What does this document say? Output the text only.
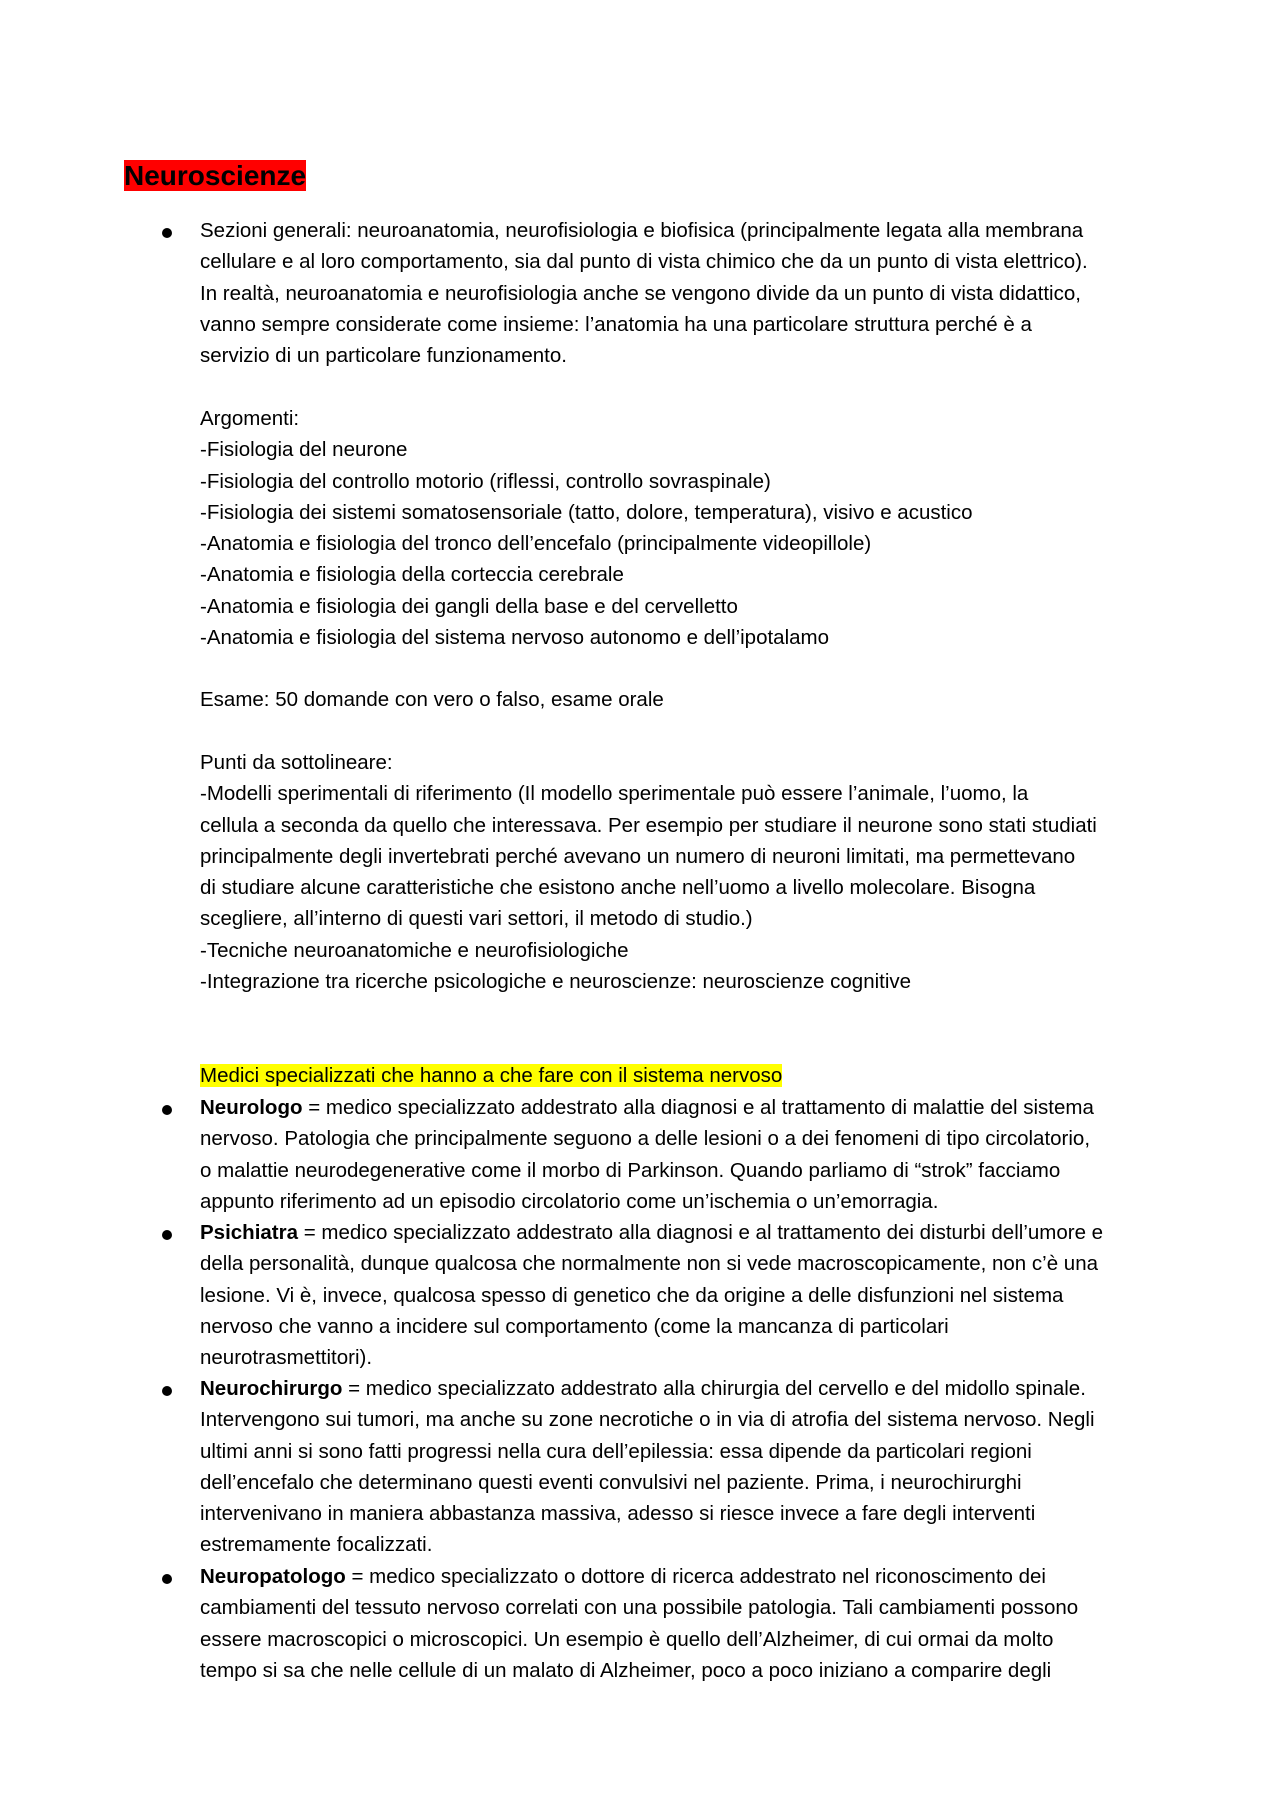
Neuroscienze

Sezioni generali: neuroanatomia, neurofisiologia e biofisica (principalmente legata alla membrana

cellulare e al loro comportamento, sia dal punto di vista chimico che da un punto di vista elettrico).

In realtà, neuroanatomia e neurofisiologia anche se vengono divide da un punto di vista didattico,

vanno sempre considerate come insieme: l’anatomia ha una particolare struttura perché è a

servizio di un particolare funzionamento.

Argomenti:

-Fisiologia del neurone

-Fisiologia del controllo motorio (riflessi, controllo sovraspinale)

-Fisiologia dei sistemi somatosensoriale (tatto, dolore, temperatura), visivo e acustico

-Anatomia e fisiologia del tronco dell’encefalo (principalmente videopillole)

-Anatomia e fisiologia della corteccia cerebrale

-Anatomia e fisiologia dei gangli della base e del cervelletto

-Anatomia e fisiologia del sistema nervoso autonomo e dell’ipotalamo

Esame: 50 domande con vero o falso, esame orale

Punti da sottolineare:

-Modelli sperimentali di riferimento (Il modello sperimentale può essere l’animale, l’uomo, la

cellula a seconda da quello che interessava. Per esempio per studiare il neurone sono stati studiati

principalmente degli invertebrati perché avevano un numero di neuroni limitati, ma permettevano

di studiare alcune caratteristiche che esistono anche nell’uomo a livello molecolare. Bisogna

scegliere, all’interno di questi vari settori, il metodo di studio.)

-Tecniche neuroanatomiche e neurofisiologiche

-Integrazione tra ricerche psicologiche e neuroscienze: neuroscienze cognitive

Medici specializzati che hanno a che fare con il sistema nervoso

Neurologo = medico specializzato addestrato alla diagnosi e al trattamento di malattie del sistema

nervoso. Patologia che principalmente seguono a delle lesioni o a dei fenomeni di tipo circolatorio,

o malattie neurodegenerative come il morbo di Parkinson. Quando parliamo di “strok” facciamo

appunto riferimento ad un episodio circolatorio come un’ischemia o un’emorragia.

Psichiatra = medico specializzato addestrato alla diagnosi e al trattamento dei disturbi dell’umore e

della personalità, dunque qualcosa che normalmente non si vede macroscopicamente, non c’è una

lesione. Vi è, invece, qualcosa spesso di genetico che da origine a delle disfunzioni nel sistema

nervoso che vanno a incidere sul comportamento (come la mancanza di particolari

neurotrasmettitori).

Neurochirurgo = medico specializzato addestrato alla chirurgia del cervello e del midollo spinale.

Intervengono sui tumori, ma anche su zone necrotiche o in via di atrofia del sistema nervoso. Negli

ultimi anni si sono fatti progressi nella cura dell’epilessia: essa dipende da particolari regioni

dell’encefalo che determinano questi eventi convulsivi nel paziente. Prima, i neurochirurghi

intervenivano in maniera abbastanza massiva, adesso si riesce invece a fare degli interventi

estremamente focalizzati.

Neuropatologo = medico specializzato o dottore di ricerca addestrato nel riconoscimento dei

cambiamenti del tessuto nervoso correlati con una possibile patologia. Tali cambiamenti possono

essere macroscopici o microscopici. Un esempio è quello dell’Alzheimer, di cui ormai da molto

tempo si sa che nelle cellule di un malato di Alzheimer, poco a poco iniziano a comparire degli
